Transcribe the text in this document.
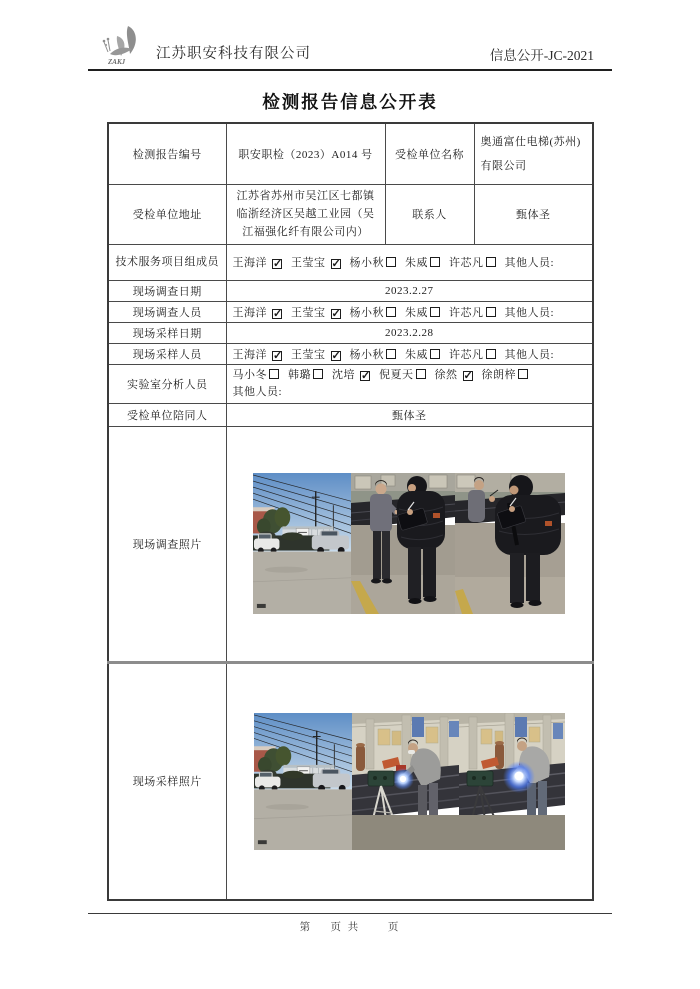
ZAKJ 江苏职安科技有限公司	信息公开-JC-2021
检测报告信息公开表
检测报告编号	职安职检（2023）A014 号	受检单位名称	奥通富仕电梯(苏州) 有限公司
受检单位地址	江苏省苏州市吴江区七都镇临浙经济区吴越工业园（吴江福强化纤有限公司内）	联系人	甄体圣
技术服务项目组成员	王海洋 ✓ 王莹宝 ✓ 杨小秋 朱威 许芯凡 其他人员:		
现场调查日期	2023.2.27		
现场调查人员	王海洋 ✓ 王莹宝 ✓ 杨小秋 朱威 许芯凡 其他人员:		
现场采样日期	2023.2.28		
现场采样人员	王海洋 ✓ 王莹宝 ✓ 杨小秋 朱威 许芯凡 其他人员:		
实验室分析人员	马小冬 韩璐 沈培 ✓ 倪夏天 徐然 ✓ 徐朗梓
其他人员:		

受检单位陪同人	甄体圣		
现场调查照片	

现场采样照片	
第    页 共      页
